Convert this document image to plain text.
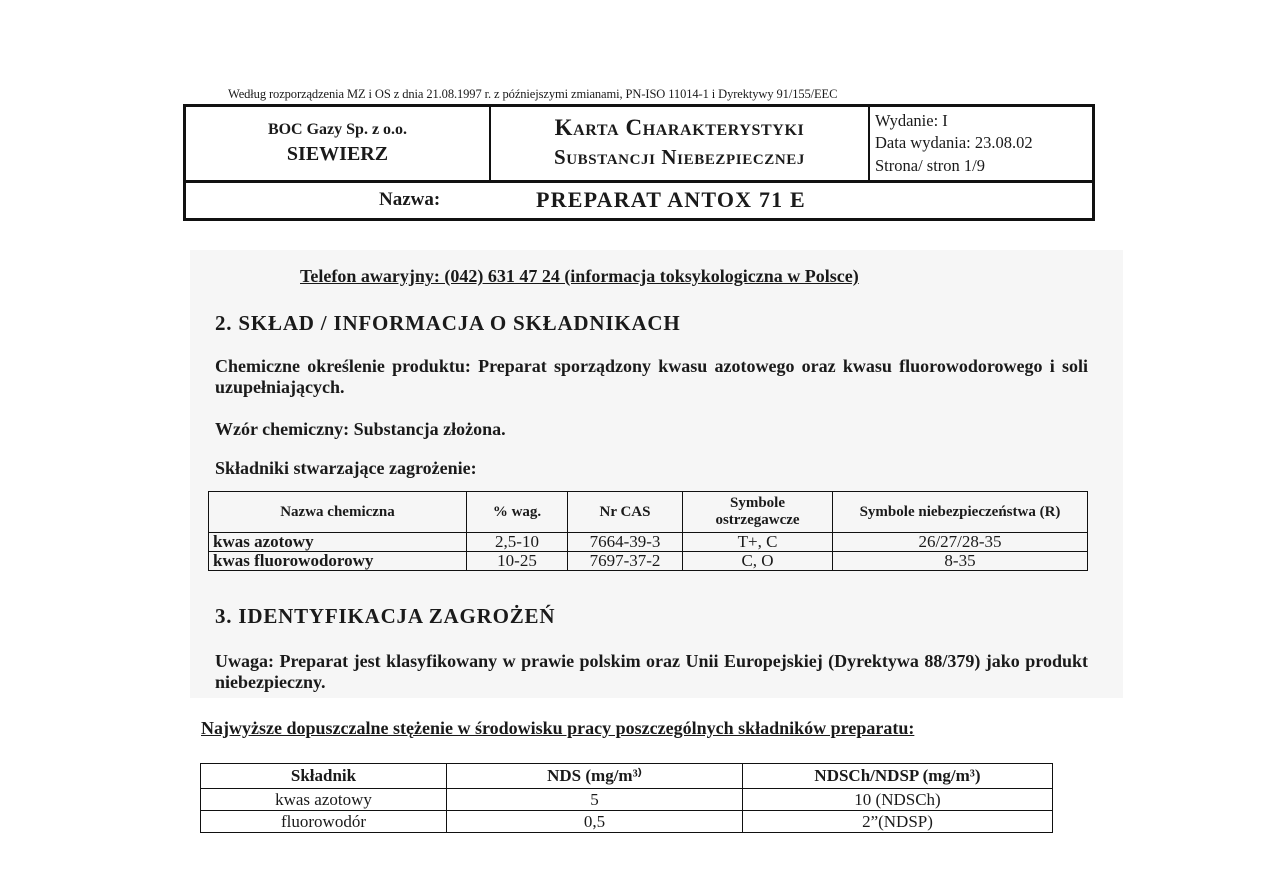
Według rozporządzenia MZ i OS z dnia 21.08.1997 r. z późniejszymi zmianami, PN-ISO 11014-1 i Dyrektywy 91/155/EEC
BOC Gazy Sp. z o.o.
SIEWIERZ
Karta Charakterystyki
Substancji Niebezpiecznej
Wydanie: I
Data wydania: 23.08.02
Strona/ stron 1/9
Nazwa:	PREPARAT ANTOX 71 E
Telefon awaryjny: (042) 631 47 24 (informacja toksykologiczna w Polsce)
2. SKŁAD / INFORMACJA O SKŁADNIKACH
Chemiczne określenie produktu: Preparat sporządzony kwasu azotowego oraz kwasu fluorowodorowego i soli uzupełniających.
Wzór chemiczny: Substancja złożona.
Składniki stwarzające zagrożenie:
Nazwa chemiczna	% wag.	Nr CAS	Symbole ostrzegawcze	Symbole niebezpieczeństwa (R)
kwas azotowy	2,5-10	7664-39-3	T+, C	26/27/28-35
kwas fluorowodorowy	10-25	7697-37-2	C, O	8-35
3. IDENTYFIKACJA ZAGROŻEŃ
Uwaga: Preparat jest klasyfikowany w prawie polskim oraz Unii Europejskiej (Dyrektywa 88/379) jako produkt niebezpieczny.
Najwyższe dopuszczalne stężenie w środowisku pracy poszczególnych składników preparatu:
Składnik	NDS (mg/m³⁾	NDSCh/NDSP (mg/m³)
kwas azotowy	5	10 (NDSCh)
fluorowodór	0,5	2”(NDSP)
